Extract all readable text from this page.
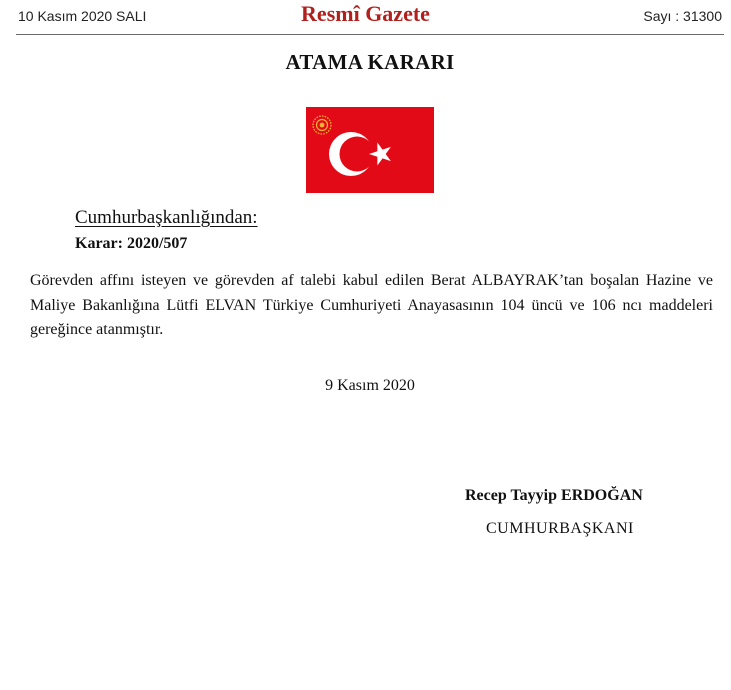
10 Kasım 2020 SALI	Resmî Gazete	Sayı : 31300
ATAMA KARARI
Cumhurbaşkanlığından:
Karar: 2020/507
Görevden affını isteyen ve görevden af talebi kabul edilen Berat ALBAYRAK’tan boşalan Hazine ve Maliye Bakanlığına Lütfi ELVAN Türkiye Cumhuriyeti Anayasasının 104 üncü ve 106 ncı maddeleri gereğince atanmıştır.
9 Kasım 2020
Recep Tayyip ERDOĞAN
CUMHURBAŞKANI
